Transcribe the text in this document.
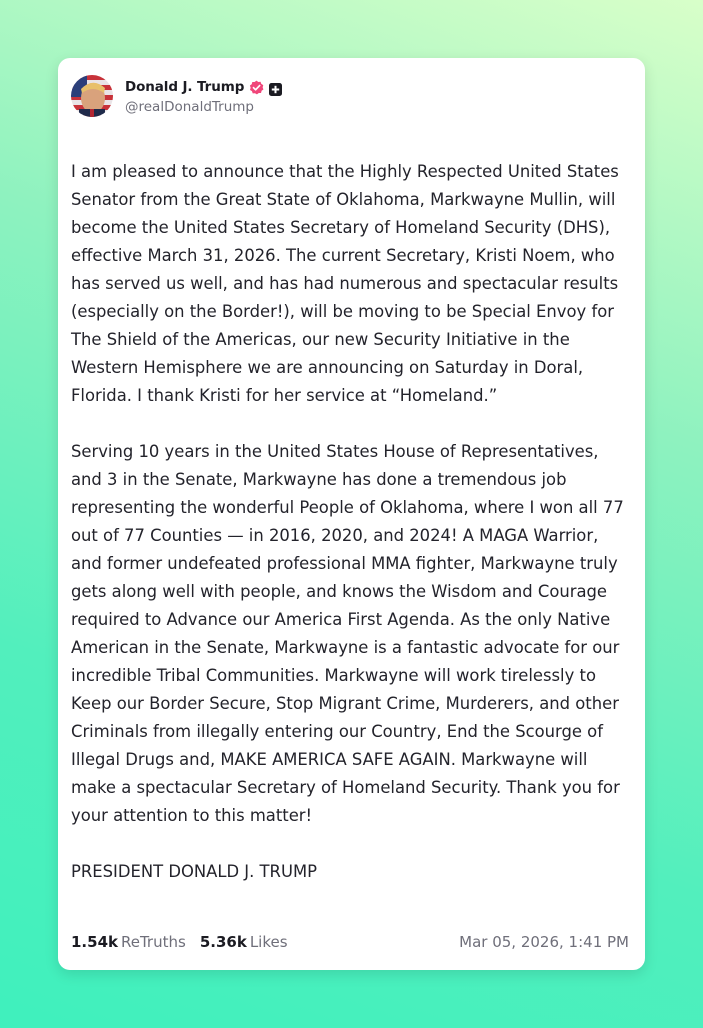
Donald J. Trump
@realDonaldTrump

I am pleased to announce that the Highly Respected United States Senator from the Great State of Oklahoma, Markwayne Mullin, will become the United States Secretary of Homeland Security (DHS), effective March 31, 2026. The current Secretary, Kristi Noem, who has served us well, and has had numerous and spectacular results (especially on the Border!), will be moving to be Special Envoy for The Shield of the Americas, our new Security Initiative in the Western Hemisphere we are announcing on Saturday in Doral, Florida. I thank Kristi for her service at “Homeland.”

Serving 10 years in the United States House of Representatives, and 3 in the Senate, Markwayne has done a tremendous job representing the wonderful People of Oklahoma, where I won all 77 out of 77 Counties — in 2016, 2020, and 2024! A MAGA Warrior, and former undefeated professional MMA fighter, Markwayne truly gets along well with people, and knows the Wisdom and Courage required to Advance our America First Agenda. As the only Native American in the Senate, Markwayne is a fantastic advocate for our incredible Tribal Communities. Markwayne will work tirelessly to Keep our Border Secure, Stop Migrant Crime, Murderers, and other Criminals from illegally entering our Country, End the Scourge of Illegal Drugs and, MAKE AMERICA SAFE AGAIN. Markwayne will make a spectacular Secretary of Homeland Security. Thank you for your attention to this matter!

PRESIDENT DONALD J. TRUMP

1.54k ReTruths 5.36k Likes	Mar 05, 2026, 1:41 PM
